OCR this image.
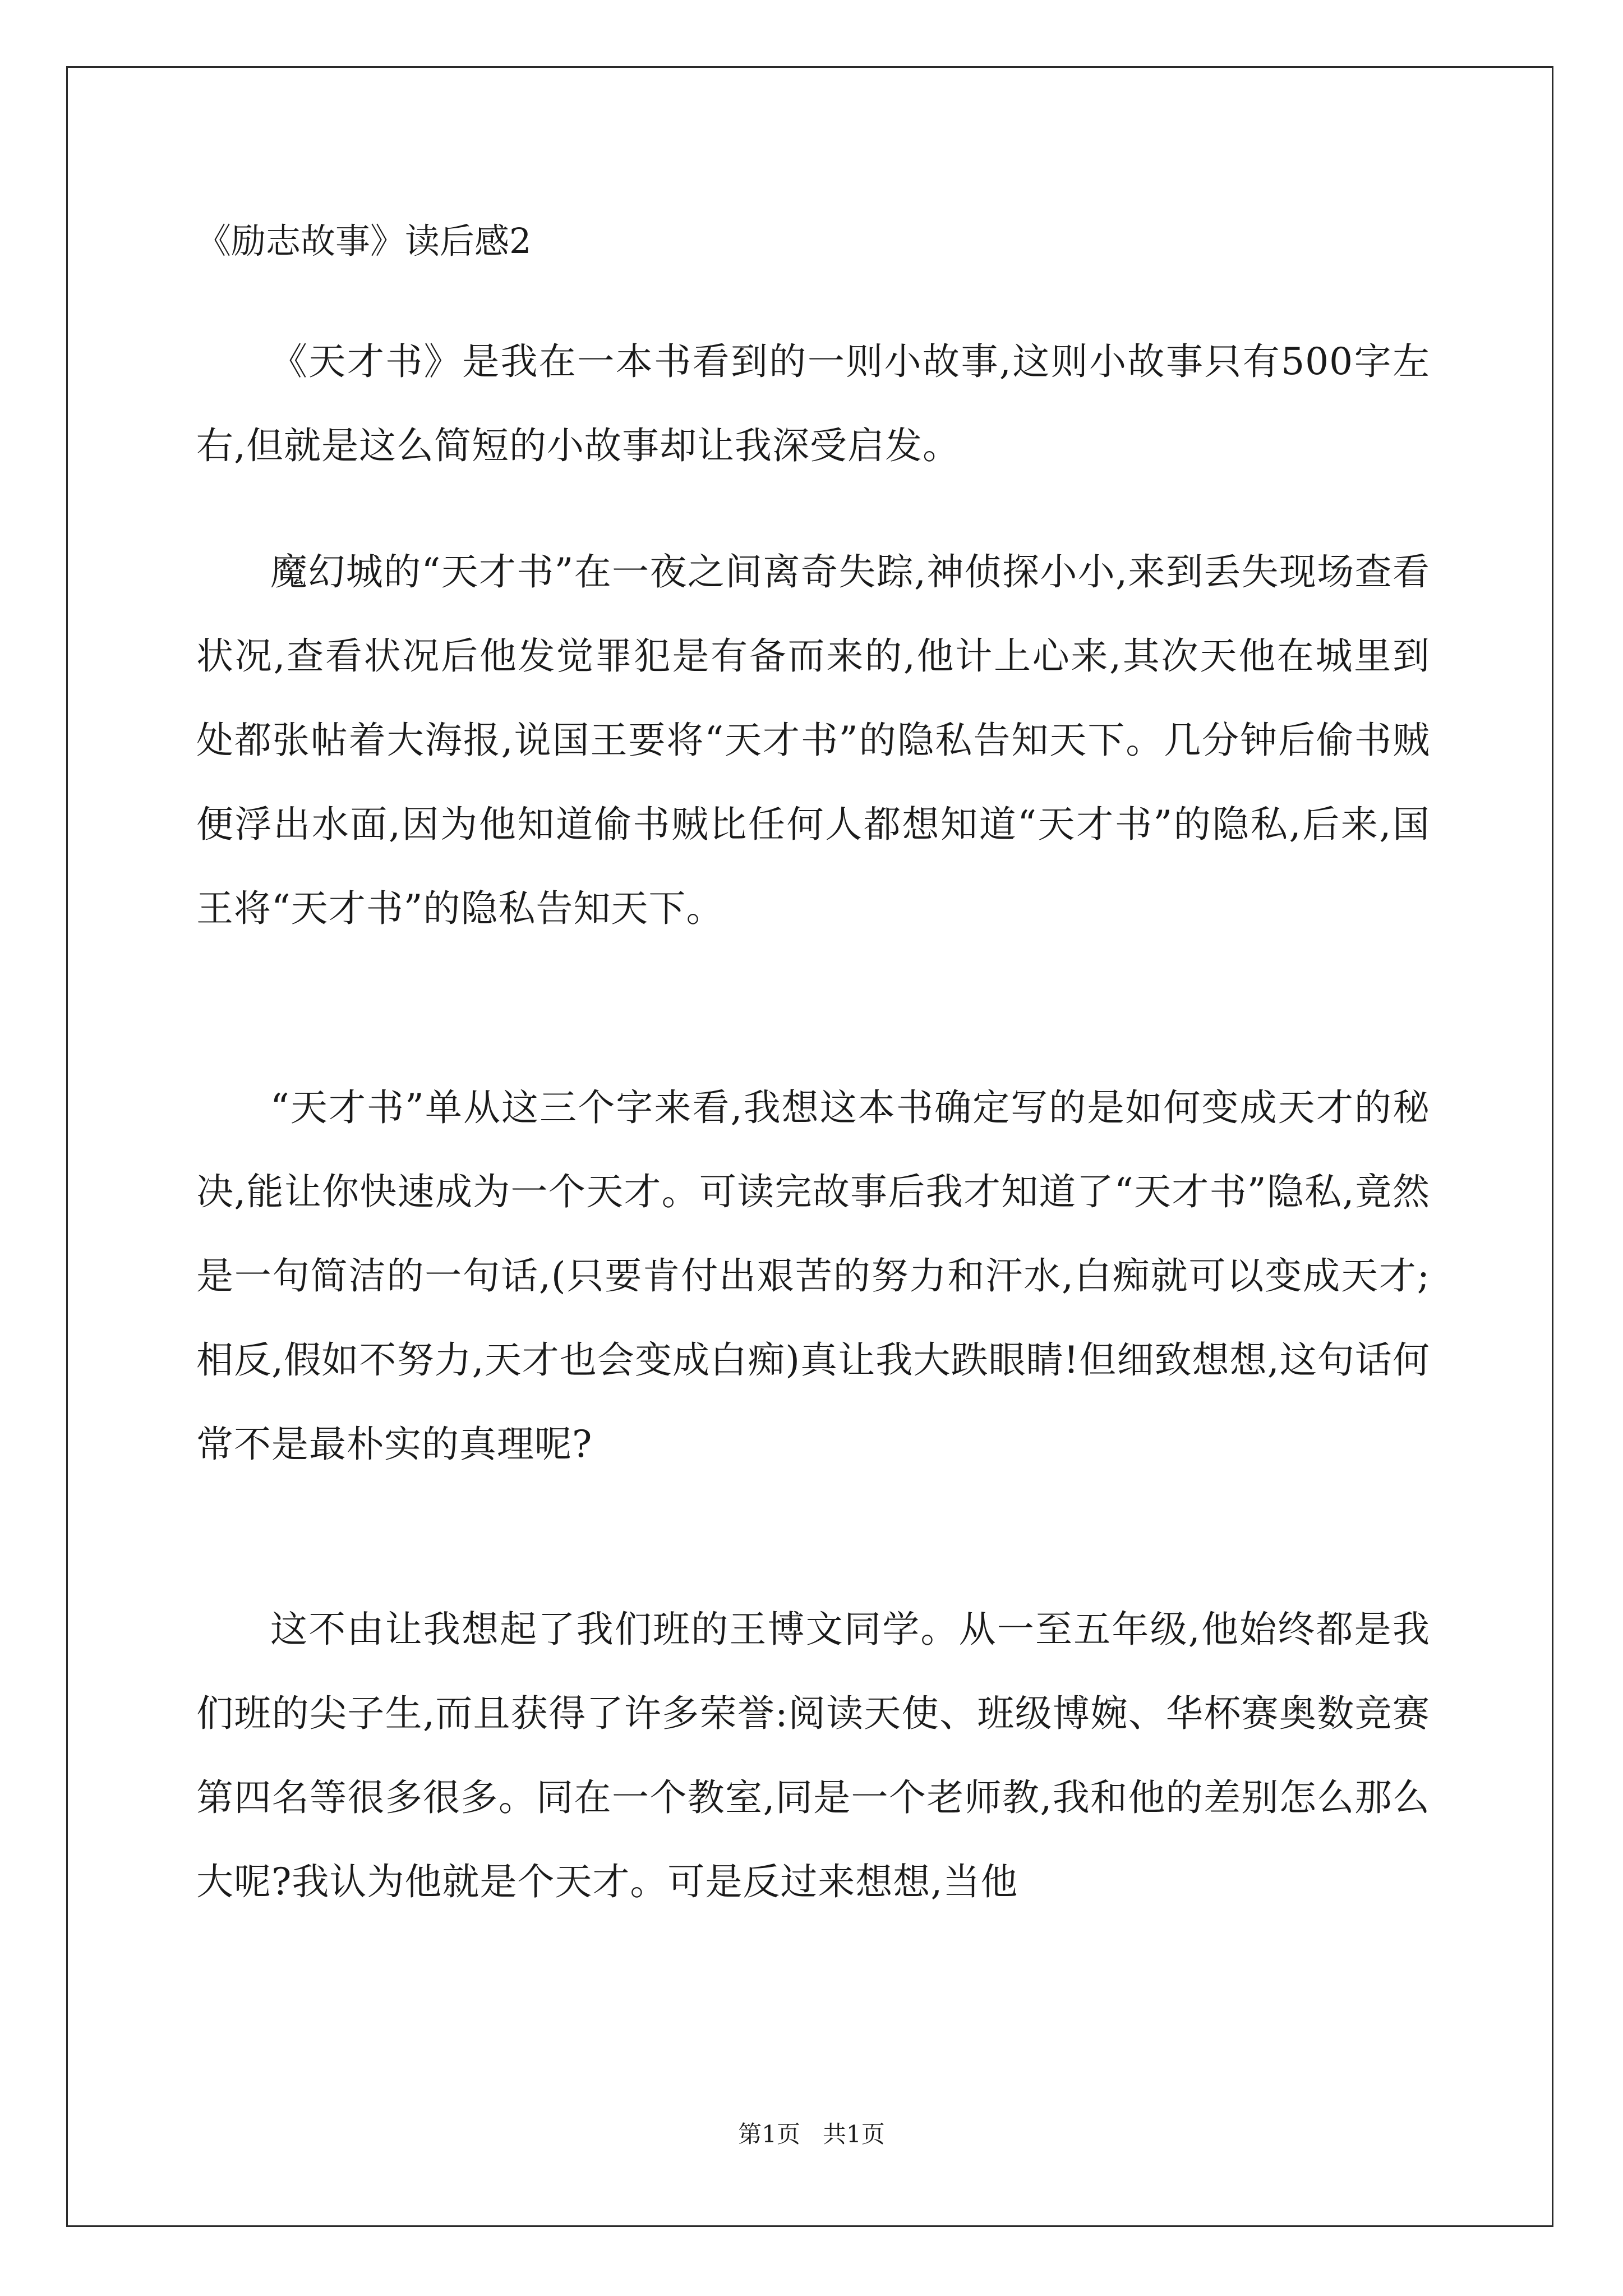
《励志故事》读后感2

《天才书》是我在一本书看到的一则小故事,这则小故事只有500字左右,但就是这么简短的小故事却让我深受启发。

魔幻城的“天才书”在一夜之间离奇失踪,神侦探小小,来到丢失现场查看状况,查看状况后他发觉罪犯是有备而来的,他计上心来,其次天他在城里到处都张帖着大海报,说国王要将“天才书”的隐私告知天下。几分钟后偷书贼便浮出水面,因为他知道偷书贼比任何人都想知道“天才书”的隐私,后来,国王将“天才书”的隐私告知天下。

“天才书”单从这三个字来看,我想这本书确定写的是如何变成天才的秘决,能让你快速成为一个天才。可读完故事后我才知道了“天才书”隐私,竟然是一句简洁的一句话,(只要肯付出艰苦的努力和汗水,白痴就可以变成天才;相反,假如不努力,天才也会变成白痴)真让我大跌眼睛!但细致想想,这句话何常不是最朴实的真理呢?

这不由让我想起了我们班的王博文同学。从一至五年级,他始终都是我们班的尖子生,而且获得了许多荣誉:阅读天使、班级博婉、华杯赛奥数竞赛第四名等很多很多。同在一个教室,同是一个老师教,我和他的差别怎么那么大呢?我认为他就是个天才。可是反过来想想,当他

第1页   共1页
